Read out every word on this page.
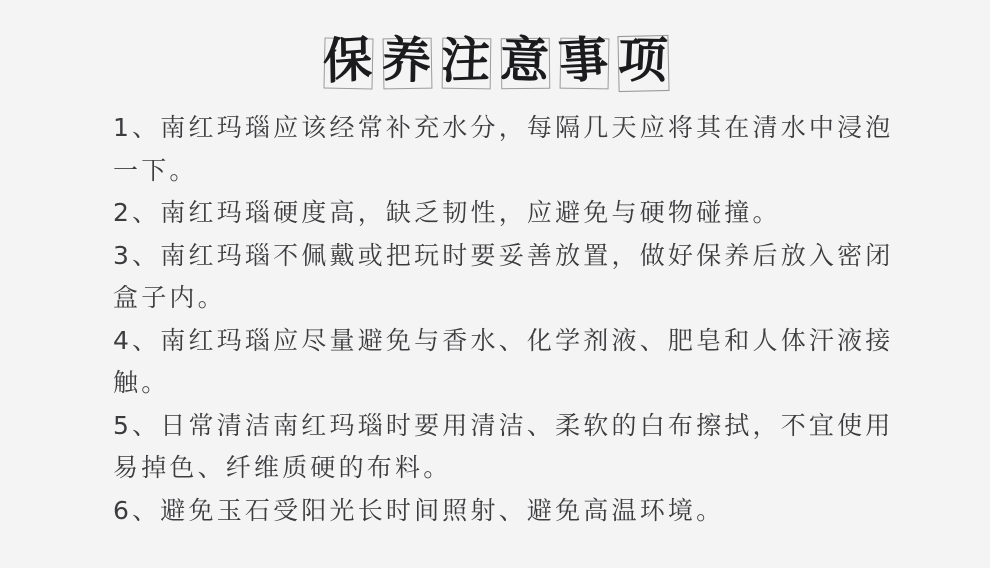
保 养 注 意 事 项

1、南红玛瑙应该经常补充水分，每隔几天应将其在清水中浸泡一下。

2、南红玛瑙硬度高，缺乏韧性，应避免与硬物碰撞。

3、南红玛瑙不佩戴或把玩时要妥善放置，做好保养后放入密闭盒子内。

4、南红玛瑙应尽量避免与香水、化学剂液、肥皂和人体汗液接触。

5、日常清洁南红玛瑙时要用清洁、柔软的白布擦拭，不宜使用易掉色、纤维质硬的布料。

6、避免玉石受阳光长时间照射、避免高温环境。
